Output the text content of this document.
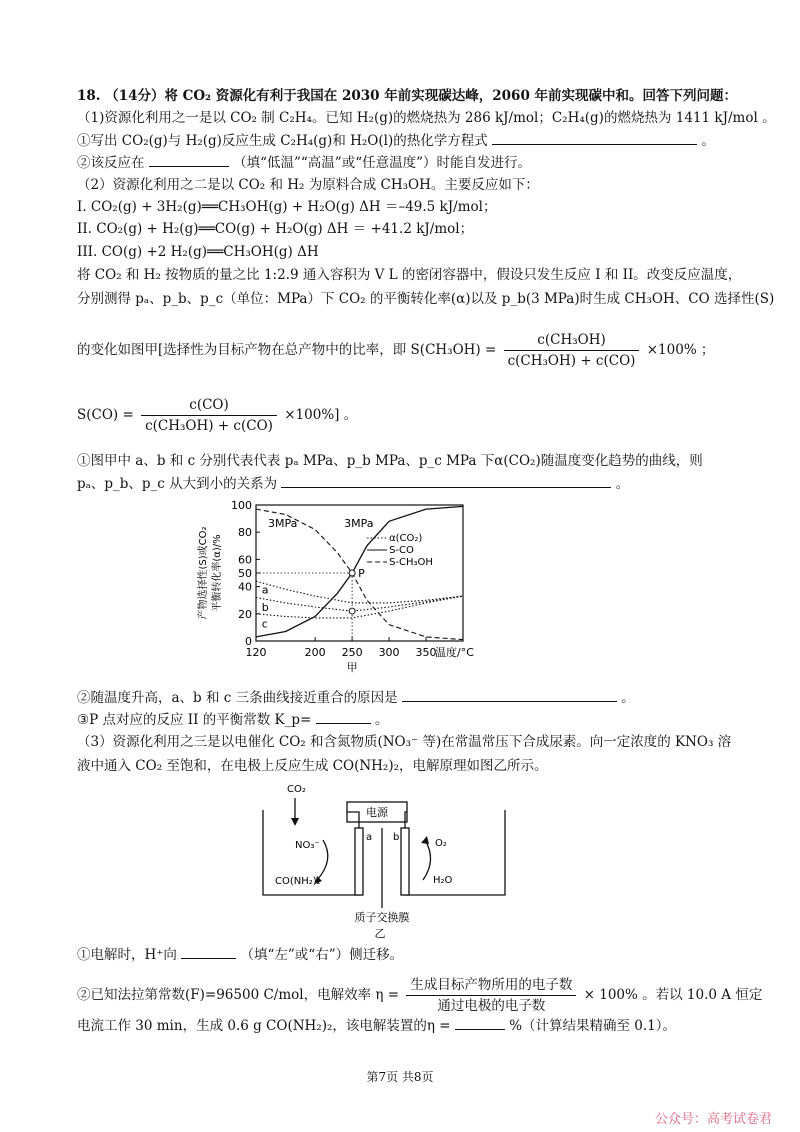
18. （14分）将 CO₂ 资源化有利于我国在 2030 年前实现碳达峰，2060 年前实现碳中和。回答下列问题：
（1)资源化利用之一是以 CO₂ 制 C₂H₄。已知 H₂(g)的燃烧热为 286 kJ/mol；C₂H₄(g)的燃烧热为 1411 kJ/mol 。
①写出 CO₂(g)与 H₂(g)反应生成 C₂H₄(g)和 H₂O(l)的热化学方程式	。
②该反应在	（填“低温”“高温”或“任意温度”）时能自发进行。
（2）资源化利用之二是以 CO₂ 和 H₂ 为原料合成 CH₃OH。主要反应如下：
I. CO₂(g) + 3H₂(g)══CH₃OH(g) + H₂O(g) ΔH ＝–49.5 kJ/mol；
II. CO₂(g) + H₂(g)══CO(g) + H₂O(g) ΔH ＝ +41.2 kJ/mol；
III. CO(g) +2 H₂(g)══CH₃OH(g) ΔH
将 CO₂ 和 H₂ 按物质的量之比 1:2.9 通入容积为 V L 的密闭容器中，假设只发生反应 I 和 II。改变反应温度，
分别测得 pₐ、p_b、p_c（单位：MPa）下 CO₂ 的平衡转化率(α)以及 p_b(3 MPa)时生成 CH₃OH、CO 选择性(S)
的变化如图甲[选择性为目标产物在总产物中的比率，即 $S(CH_3OH) = \frac{\text{c(CH₃OH)}}{\text{c(CH₃OH) + c(CO)}} \times 100\%$ ；
$S(CO) = \frac{c(CO)}{\text{c(CH₃OH) + c(CO)}} \times 100\%$] 。
①图甲中 a、b 和 c 分别代表代表 pₐ MPa、p_b MPa、p_c MPa 下α(CO₂)随温度变化趋势的曲线，则
pₐ、p_b、p_c 从大到小的关系为	。
0
20
40
50
60
80
100
120	200 250 300 350
温度/°C
产物选择性(S)或CO₂ 平衡转化率(α)/%	a
b
c
P
3MPa	3MPa
α(CO₂)
S-CO
S-CH₃OH
甲
②随温度升高，a、b 和 c 三条曲线接近重合的原因是	。
③P 点对应的反应 II 的平衡常数 K_p=	。
（3）资源化利用之三是以电催化 CO₂ 和含氮物质(NO₃⁻ 等)在常温常压下合成尿素。向一定浓度的 KNO₃ 溶
液中通入 CO₂ 至饱和，在电极上反应生成 CO(NH₂)₂，电解原理如图乙所示。
电源
CO₂
a b
NO₃⁻
CO(NH₂)₂
O₂
H₂O
质子交换膜
乙
①电解时，H⁺向	（填“左”或“右”）侧迁移。
②已知法拉第常数(F)=96500 C/mol，电解效率 $\eta = \frac{\text{生成目标产物所用的电子数}}{\text{通过电极的电子数}} \times 100\%$ 。若以 10.0 A 恒定
电流工作 30 min，生成 0.6 g CO(NH₂)₂，该电解装置的η =	%（计算结果精确至 0.1）。
第7页 共8页
公众号：高考试卷君
